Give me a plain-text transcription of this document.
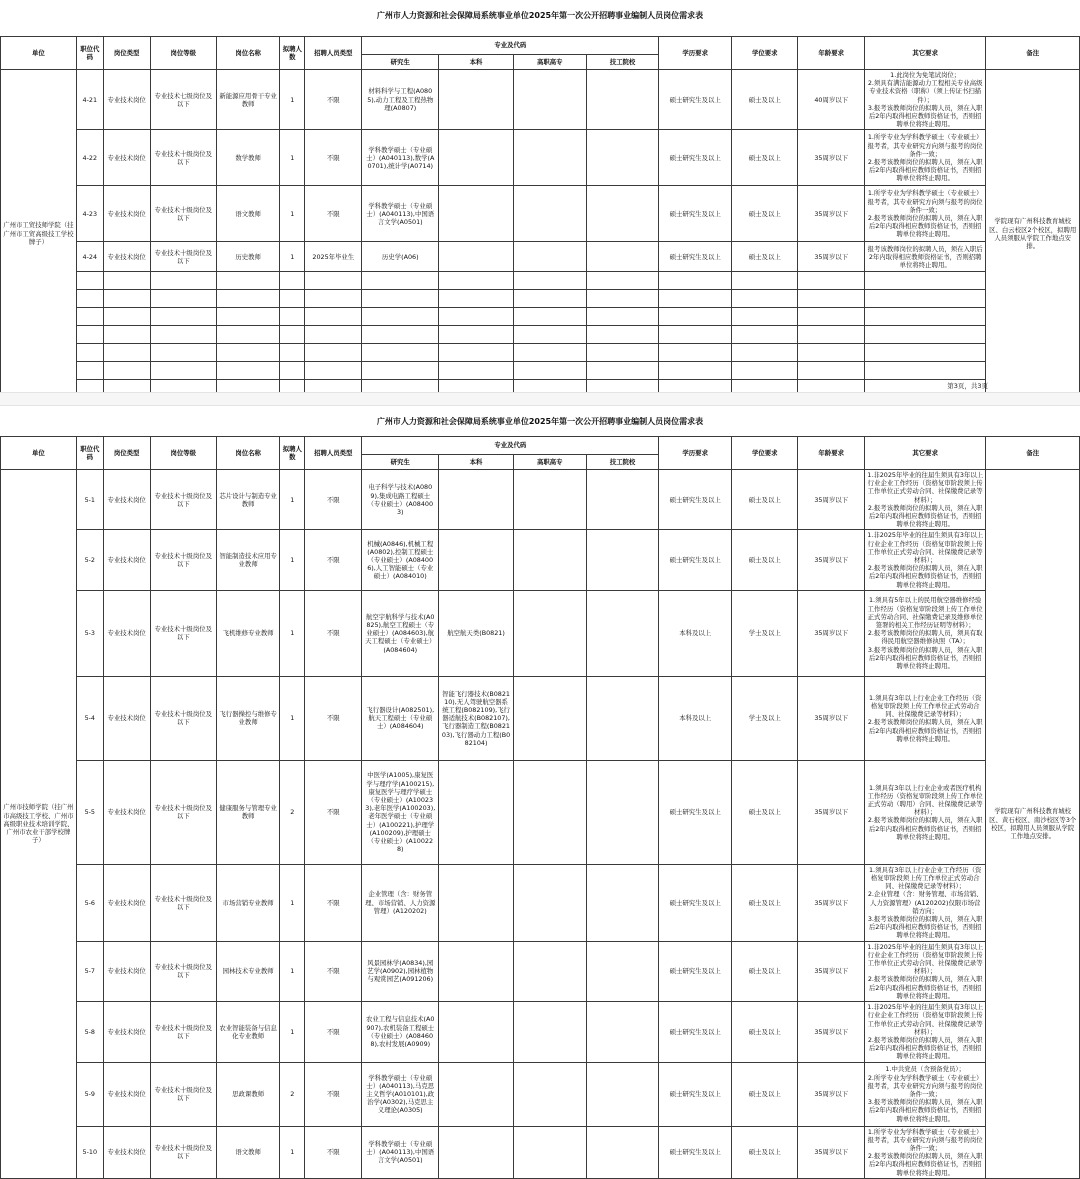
广州市人力资源和社会保障局系统事业单位2025年第一次公开招聘事业编制人员岗位需求表
单位	职位代码	岗位类型	岗位等级	岗位名称	拟聘人数	招聘人员类型	专业及代码				学历要求	学位要求	年龄要求	其它要求	备注
							研究生	本科	高职高专	技工院校					
广州市工贸技师学院（挂广州市工贸高级技工学校牌子）	4-21	专业技术岗位	专业技术七级岗位及以下	新能源应用骨干专业教师	1	不限	材料科学与工程(A0805),动力工程及工程热物理(A0807)				硕士研究生及以上	硕士及以上	40周岁以下	1.此岗位为免笔试岗位；
2.须具有满洁能源动力工程相关专业高级专业技术资格（职称）（须上传证书扫描件）；
3.报考该教师岗位的拟聘人员，须在入职后2年内取得相应教师资格证书，否则招聘单位将终止聘用。	学院现有广州科技教育城校区、白云校区2个校区，拟聘用人员须服从学院工作地点安排。
	4-22	专业技术岗位	专业技术十级岗位及以下	数学教师	1	不限	学科教学硕士（专业硕士）(A040113),数学(A0701),统计学(A0714)				硕士研究生及以上	硕士及以上	35周岁以下	1.所学专业为学科教学硕士（专业硕士）报考者，其专业研究方向须与报考的岗位条件一致；
2.报考该教师岗位的拟聘人员，须在入职后2年内取得相应教师资格证书，否则招聘单位将终止聘用。	
	4-23	专业技术岗位	专业技术十级岗位及以下	语文教师	1	不限	学科教学硕士（专业硕士）(A040113),中国语言文学(A0501)				硕士研究生及以上	硕士及以上	35周岁以下	1.所学专业为学科教学硕士（专业硕士）报考者，其专业研究方向须与报考的岗位条件一致；
2.报考该教师岗位的拟聘人员，须在入职后2年内取得相应教师资格证书，否则招聘单位将终止聘用。	
	4-24	专业技术岗位	专业技术十级岗位及以下	历史教师	1	2025年毕业生	历史学(A06)				硕士研究生及以上	硕士及以上	35周岁以下	报考该教师岗位的拟聘人员，须在入职后2年内取得相应教师资格证书，否则招聘单位将终止聘用。	

第3页，共3页
广州市人力资源和社会保障局系统事业单位2025年第一次公开招聘事业编制人员岗位需求表
单位	职位代码	岗位类型	岗位等级	岗位名称	拟聘人数	招聘人员类型	专业及代码				学历要求	学位要求	年龄要求	其它要求	备注
							研究生	本科	高职高专	技工院校					
广州市技师学院（挂广州市高级技工学校、广州市高级职业技术培训学院、广州市农业干部学校牌子）	5-1	专业技术岗位	专业技术十级岗位及以下	芯片设计与制造专业教师	1	不限	电子科学与技术(A0809),集成电路工程硕士（专业硕士）(A084003)				硕士研究生及以上	硕士及以上	35周岁以下	1.非2025年毕业的往届生须具有3年以上行业企业工作经历（资格复审阶段须上传工作单位正式劳动合同、社保缴费记录等材料）；
2.报考该教师岗位的拟聘人员，须在入职后2年内取得相应教师资格证书，否则招聘单位将终止聘用。	学院现有广州科技教育城校区、黄石校区、南沙校区等3个校区，拟聘用人员须服从学院工作地点安排。
	5-2	专业技术岗位	专业技术十级岗位及以下	智能制造技术应用专业教师	1	不限	机械(A0846),机械工程(A0802),控制工程硕士（专业硕士）(A084006),人工智能硕士（专业硕士）(A084010)				硕士研究生及以上	硕士及以上	35周岁以下	1.非2025年毕业的往届生须具有3年以上行业企业工作经历（资格复审阶段须上传工作单位正式劳动合同、社保缴费记录等材料）；
2.报考该教师岗位的拟聘人员，须在入职后2年内取得相应教师资格证书，否则招聘单位将终止聘用。	
	5-3	专业技术岗位	专业技术十级岗位及以下	飞机维修专业教师	1	不限	航空宇航科学与技术(A0825),航空工程硕士（专业硕士）(A084603),航天工程硕士（专业硕士）(A084604)	航空航天类(B0821)			本科及以上	学士及以上	35周岁以下	1.须具有5年以上的民用航空器维修经验工作经历（资格复审阶段须上传工作单位正式劳动合同、社保缴费记录及维修单位签署的相关工作经历证明等材料）；
2.报考该教师岗位的拟聘人员，须具有取得民用航空器维修执照（TA）；
3.报考该教师岗位的拟聘人员，须在入职后2年内取得相应教师资格证书，否则招聘单位将终止聘用。	
	5-4	专业技术岗位	专业技术十级岗位及以下	飞行器操控与维修专业教师	1	不限	飞行器设计(A082501),航天工程硕士（专业硕士）(A084604)	智能飞行器技术(B082110),无人驾驶航空器系统工程(B082109),飞行器适航技术(B082107),飞行器制造工程(B082103),飞行器动力工程(B082104)			本科及以上	学士及以上	35周岁以下	1.须具有3年以上行业企业工作经历（资格复审阶段须上传工作单位正式劳动合同、社保缴费记录等材料）；
2.报考该教师岗位的拟聘人员，须在入职后2年内取得相应教师资格证书，否则招聘单位将终止聘用。	
	5-5	专业技术岗位	专业技术十级岗位及以下	健康服务与管理专业教师	2	不限	中医学(A1005),康复医学与理疗学(A100215),康复医学与理疗学硕士（专业硕士）(A100233),老年医学(A100203),老年医学硕士（专业硕士）(A100221),护理学(A100209),护理硕士（专业硕士）(A100228)				硕士研究生及以上	硕士及以上	35周岁以下	1.须具有3年以上行业企业或者医疗机构工作经历（资格复审阶段须上传工作单位正式劳动（聘用）合同、社保缴费记录等材料）；
2.报考该教师岗位的拟聘人员，须在入职后2年内取得相应教师资格证书，否则招聘单位将终止聘用。	
	5-6	专业技术岗位	专业技术十级岗位及以下	市场营销专业教师	1	不限	企业管理（含：财务管理、市场营销、人力资源管理）(A120202)				硕士研究生及以上	硕士及以上	35周岁以下	1.须具有3年以上行业企业工作经历（资格复审阶段须上传工作单位正式劳动合同、社保缴费记录等材料）；
2.企业管理（含：财务管理、市场营销、人力资源管理）(A120202)仅限市场营销方向；
3.报考该教师岗位的拟聘人员，须在入职后2年内取得相应教师资格证书，否则招聘单位将终止聘用。	
	5-7	专业技术岗位	专业技术十级岗位及以下	园林技术专业教师	1	不限	风景园林学(A0834),园艺学(A0902),园林植物与观赏园艺(A091206)				硕士研究生及以上	硕士及以上	35周岁以下	1.非2025年毕业的往届生须具有3年以上行业企业工作经历（资格复审阶段须上传工作单位正式劳动合同、社保缴费记录等材料）；
2.报考该教师岗位的拟聘人员，须在入职后2年内取得相应教师资格证书，否则招聘单位将终止聘用。	
	5-8	专业技术岗位	专业技术十级岗位及以下	农业智能装备与信息化专业教师	1	不限	农业工程与信息技术(A0907),农机装备工程硕士（专业硕士）(A084608),农村发展(A0909)				硕士研究生及以上	硕士及以上	35周岁以下	1.非2025年毕业的往届生须具有3年以上行业企业工作经历（资格复审阶段须上传工作单位正式劳动合同、社保缴费记录等材料）；
2.报考该教师岗位的拟聘人员，须在入职后2年内取得相应教师资格证书，否则招聘单位将终止聘用。	
	5-9	专业技术岗位	专业技术十级岗位及以下	思政课教师	2	不限	学科教学硕士（专业硕士）(A040113),马克思主义哲学(A010101),政治学(A0302),马克思主义理论(A0305)				硕士研究生及以上	硕士及以上	35周岁以下	1.中共党员（含预备党员）；
2.所学专业为学科教学硕士（专业硕士）报考者，其专业研究方向须与报考的岗位条件一致；
3.报考该教师岗位的拟聘人员，须在入职后2年内取得相应教师资格证书，否则招聘单位将终止聘用。	
	5-10	专业技术岗位	专业技术十级岗位及以下	语文教师	1	不限	学科教学硕士（专业硕士）(A040113),中国语言文学(A0501)				硕士研究生及以上	硕士及以上	35周岁以下	1.所学专业为学科教学硕士（专业硕士）报考者，其专业研究方向须与报考的岗位条件一致；
2.报考该教师岗位的拟聘人员，须在入职后2年内取得相应教师资格证书，否则招聘单位将终止聘用。	
